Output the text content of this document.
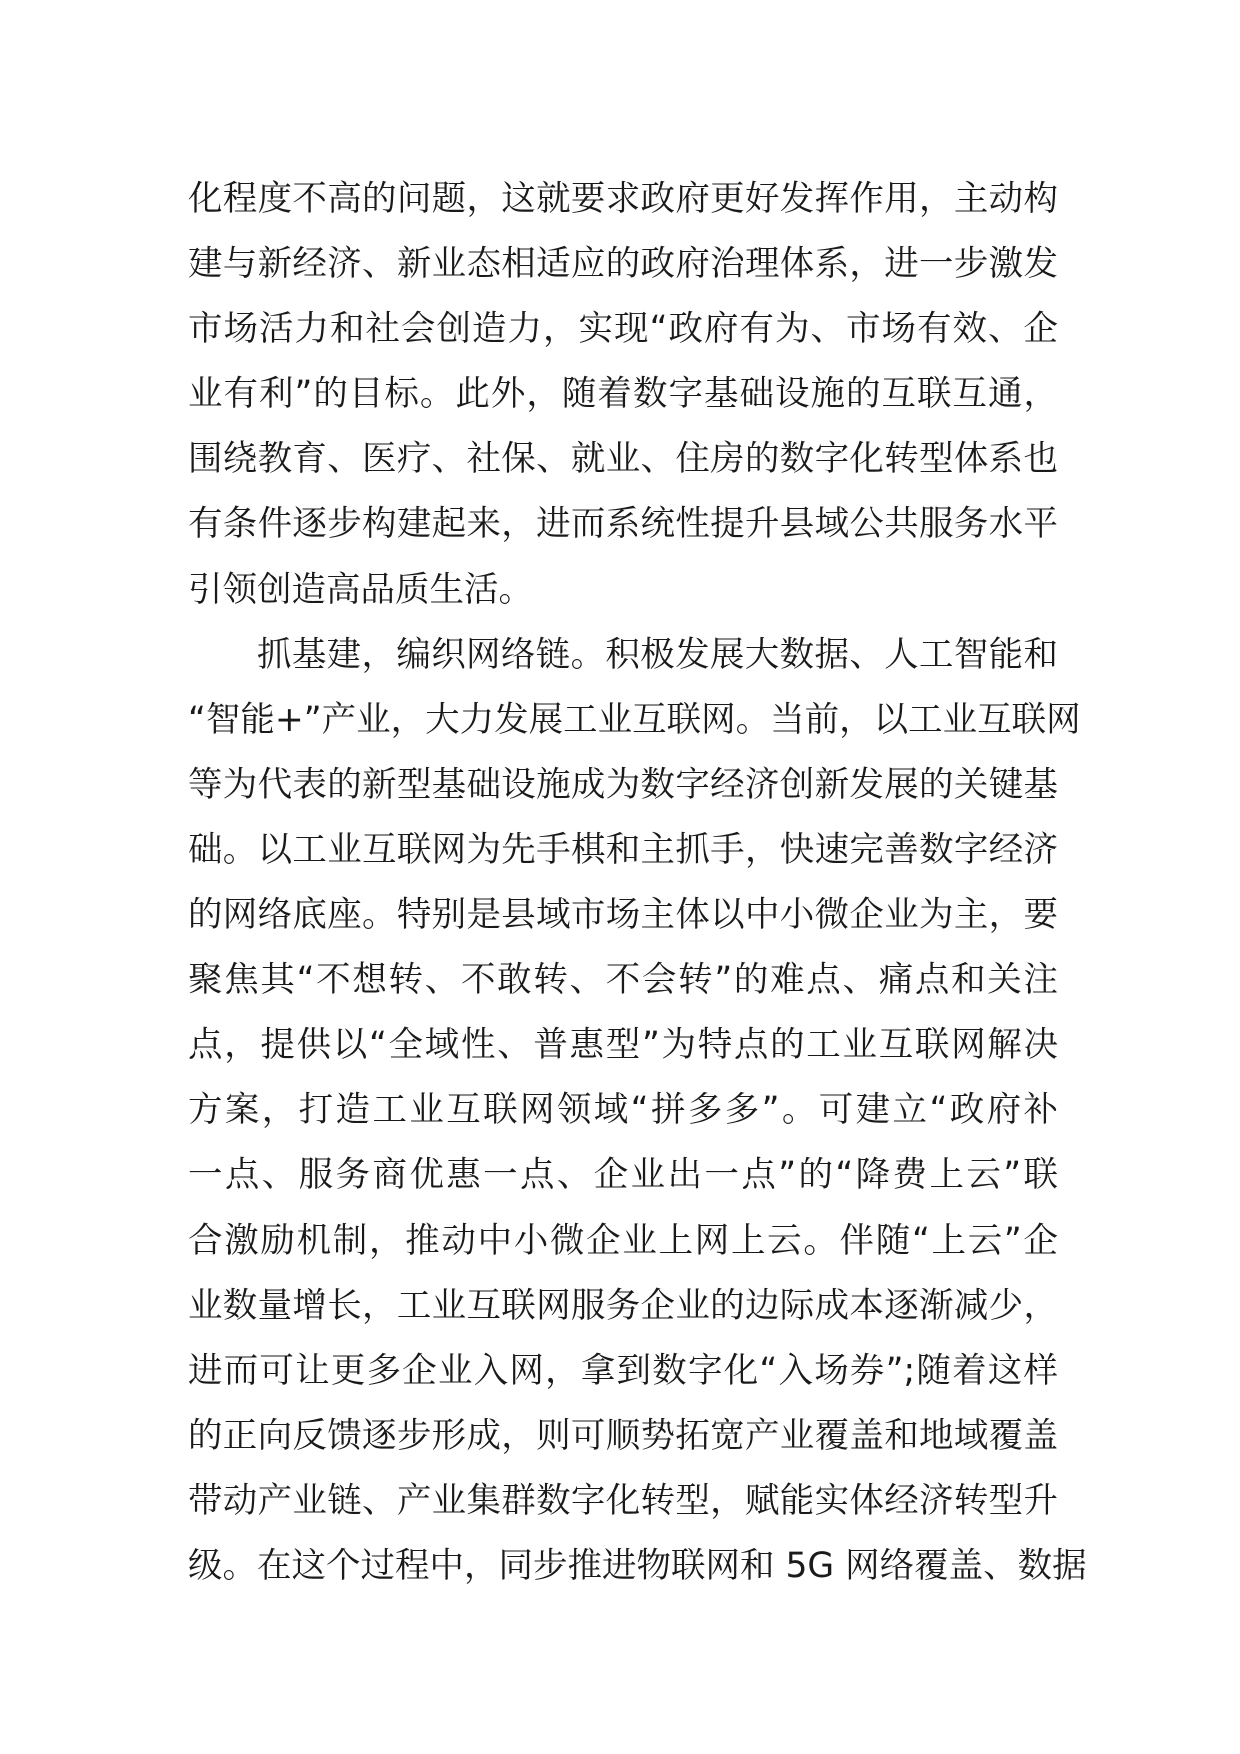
化程度不高的问题，这就要求政府更好发挥作用，主动构
建与新经济、新业态相适应的政府治理体系，进一步激发
市场活力和社会创造力，实现“政府有为、市场有效、企
业有利”的目标。此外，随着数字基础设施的互联互通，
围绕教育、医疗、社保、就业、住房的数字化转型体系也
有条件逐步构建起来，进而系统性提升县域公共服务水平
引领创造高品质生活。
抓基建，编织网络链。积极发展大数据、人工智能和
“智能+”产业，大力发展工业互联网。当前，以工业互联网
等为代表的新型基础设施成为数字经济创新发展的关键基
础。以工业互联网为先手棋和主抓手，快速完善数字经济
的网络底座。特别是县域市场主体以中小微企业为主，要
聚焦其“不想转、不敢转、不会转”的难点、痛点和关注
点，提供以“全域性、普惠型”为特点的工业互联网解决
方案，打造工业互联网领域“拼多多”。可建立“政府补
一点、服务商优惠一点、企业出一点”的“降费上云”联
合激励机制，推动中小微企业上网上云。伴随“上云”企
业数量增长，工业互联网服务企业的边际成本逐渐减少，
进而可让更多企业入网，拿到数字化“入场券”;随着这样
的正向反馈逐步形成，则可顺势拓宽产业覆盖和地域覆盖
带动产业链、产业集群数字化转型，赋能实体经济转型升
级。在这个过程中，同步推进物联网和 5G 网络覆盖、数据
